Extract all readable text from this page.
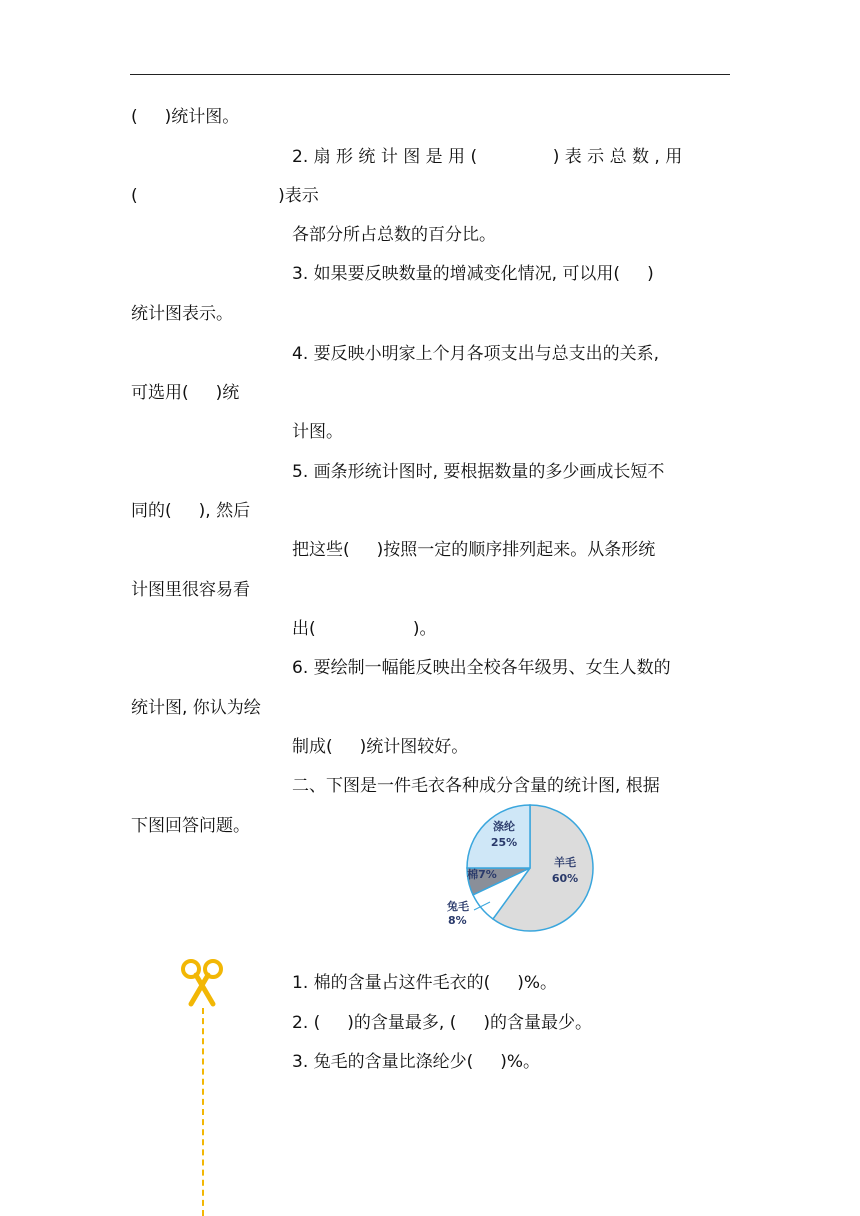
(     )统计图。
2. 扇 形 统 计 图 是 用 (              ) 表 示 总 数 , 用
(                          )表示
各部分所占总数的百分比。
3. 如果要反映数量的增减变化情况, 可以用(     )
统计图表示。
4. 要反映小明家上个月各项支出与总支出的关系,
可选用(     )统
计图。
5. 画条形统计图时, 要根据数量的多少画成长短不
同的(     ), 然后
把这些(     )按照一定的顺序排列起来。从条形统
计图里很容易看
出(                  )。
6. 要绘制一幅能反映出全校各年级男、女生人数的
统计图, 你认为绘
制成(     )统计图较好。
二、下图是一件毛衣各种成分含量的统计图, 根据
下图回答问题。
羊毛
60%
兔毛
8%
棉7%
涤纶
25%
1. 棉的含量占这件毛衣的(     )%。
2. (     )的含量最多, (     )的含量最少。
3. 兔毛的含量比涤纶少(     )%。
